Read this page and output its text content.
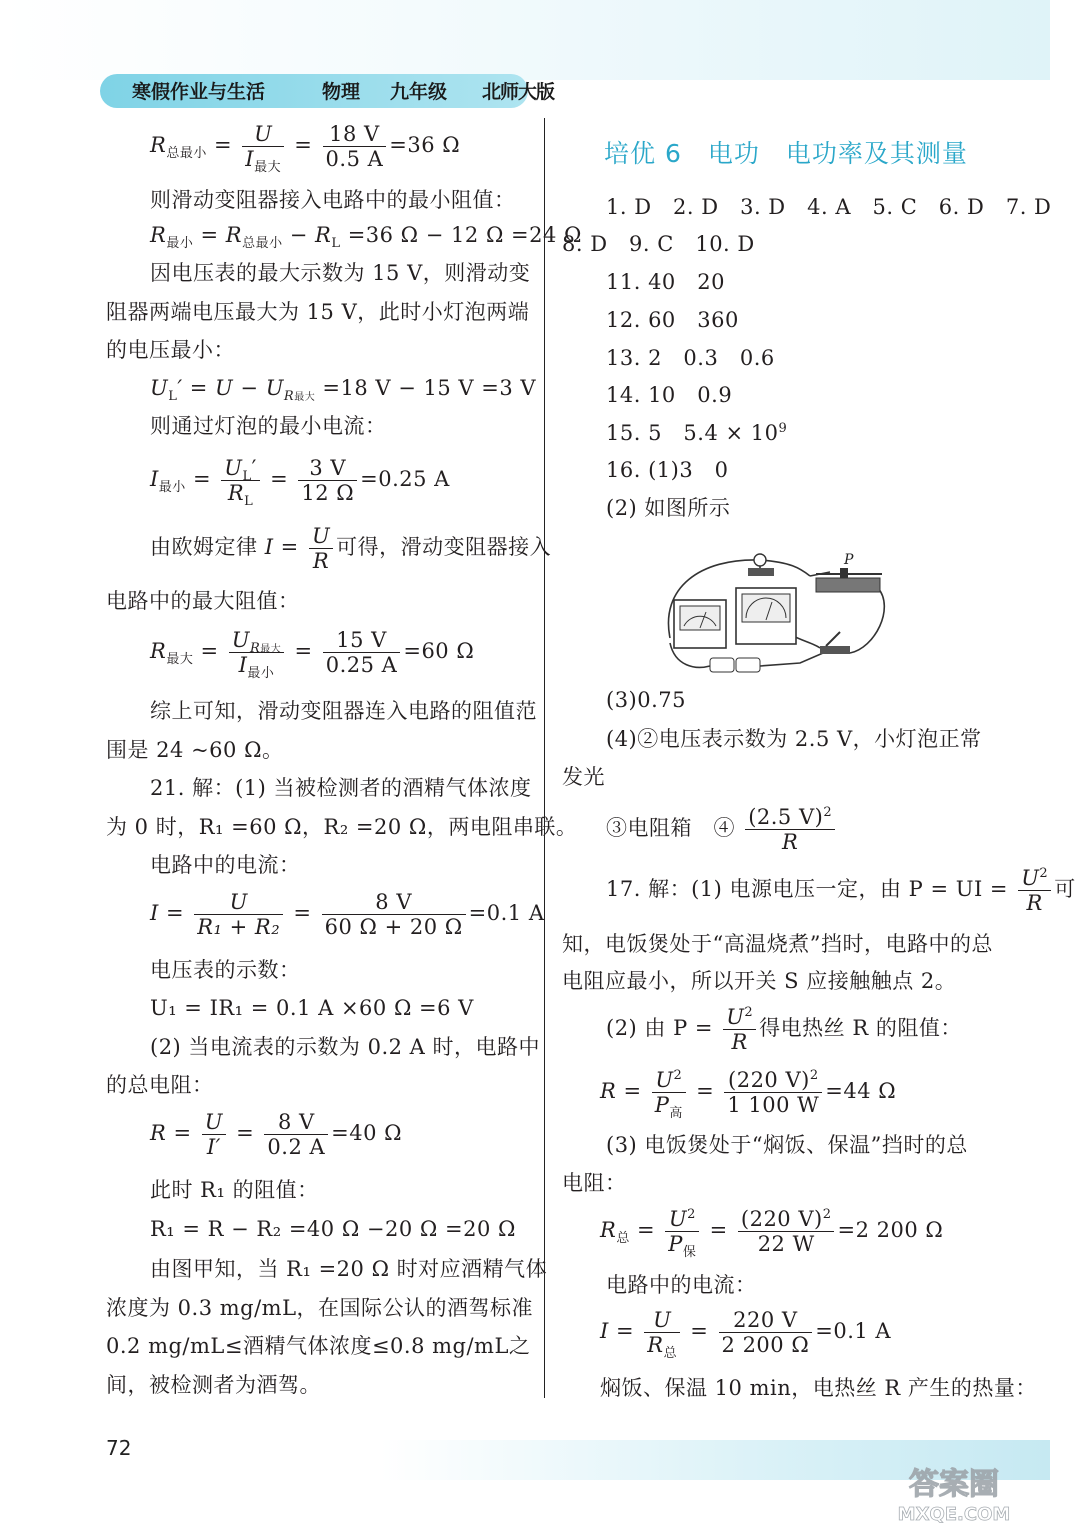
寒假作业与生活	物理 九年级 北师大版
$R_{总最小} = \frac{U}{I_{最大}} = \frac{18 V}{0.5 A} =36$ Ω
则滑动变阻器接入电路中的最小阻值：
$R_{最小} = R_{总最小} - R_L =36$ Ω − 12 Ω =24 Ω
因电压表的最大示数为 15 V，则滑动变
阻器两端电压最大为 15 V，此时小灯泡两端
的电压最小：
$U_L' = U - U_{R最大} =18$ V − 15 V =3 V
则通过灯泡的最小电流：
$I_{最小} = \frac{U_L'}{R_L} = \frac{3 V}{12 \Omega} =0.25$ A
由欧姆定律 $I = \frac{U}{R}$ 可得，滑动变阻器接入
电路中的最大阻值：
$R_{最大} = \frac{U_{R最大}}{I_{最小}} = \frac{15 V}{0.25 A} =60$ Ω
综上可知，滑动变阻器连入电路的阻值范
围是 24 ~60 Ω。
21. 解：(1) 当被检测者的酒精气体浓度
为 0 时，R₁ =60 Ω，R₂ =20 Ω，两电阻串联。
电路中的电流：
$I = \frac{U}{\text{R₁ + R₂}} = \frac{8 V}{60 \Omega + 20 \Omega} =0.1$ A
电压表的示数：
U₁ = IR₁ = 0.1 A ×60 Ω =6 V
(2) 当电流表的示数为 0.2 A 时，电路中
的总电阻：
$R = \frac{U}{I'} = \frac{8 V}{0.2 A} =40$ Ω
此时 R₁ 的阻值：
R₁ = R − R₂ =40 Ω −20 Ω =20 Ω
由图甲知，当 R₁ =20 Ω 时对应酒精气体
浓度为 0.3 mg/mL，在国际公认的酒驾标准
0.2 mg/mL≤酒精气体浓度≤0.8 mg/mL之
间，被检测者为酒驾。
培优 6　电功　电功率及其测量
1. D　2. D　3. D　4. A　5. C　6. D　7. D
8. D　9. C　10. D
11. 40　20
12. 60　360
13. 2　0.3　0.6
14. 10　0.9
15. 5　$5.4 \times 10^9$
16. (1)3　0
(2) 如图所示
P
(3)0.75
(4)②电压表示数为 2.5 V，小灯泡正常
发光
③电阻箱　④ $\frac{(2.5 V)^2}{R}$
17. 解：(1) 电源电压一定，由 P = UI = $\frac{U^2}{R}$ 可
知，电饭煲处于“高温烧煮”挡时，电路中的总
电阻应最小，所以开关 S 应接触触点 2。
(2) 由 $P = \frac{U^2}{R}$ 得电热丝 R 的阻值：
$R = \frac{U^2}{P_高} = \frac{(220 V)^2}{1 100 W} =44$ Ω
(3) 电饭煲处于“焖饭、保温”挡时的总
电阻：
$R_总 = \frac{U^2}{P_保} = \frac{(220 V)^2}{22 W} =2$ 200 Ω
电路中的电流：
$I = \frac{U}{R_总} = \frac{220 V}{2 200 \Omega} =0.1$ A
焖饭、保温 10 min，电热丝 R 产生的热量：
72
答案圈
MXQE.COM
